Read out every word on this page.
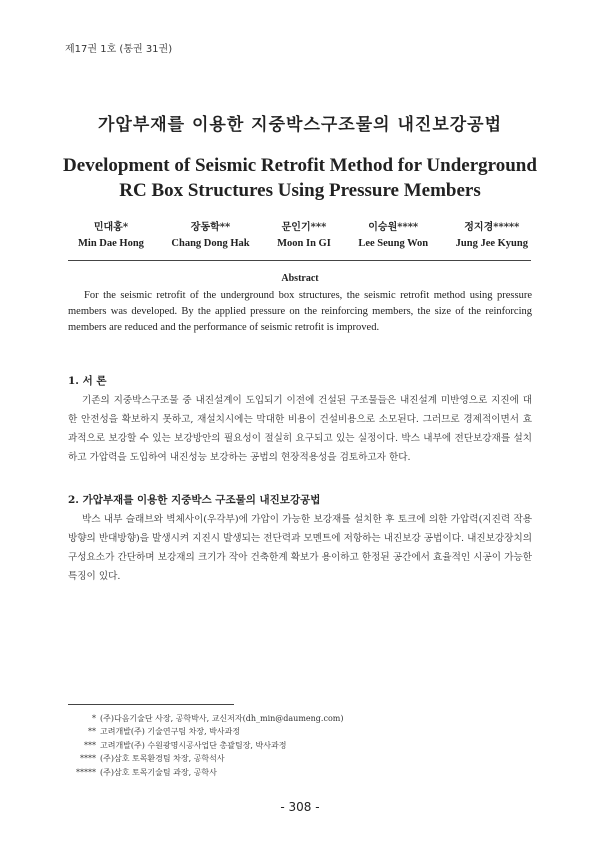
제17권 1호 (통권 31권)
가압부재를 이용한 지중박스구조물의 내진보강공법
Development of Seismic Retrofit Method for Underground
RC Box Structures Using Pressure Members
민대홍*
Min Dae Hong
장동학**
Chang Dong Hak
문인기***
Moon In GI
이승원****
Lee Seung Won
정지경*****
Jung Jee Kyung
Abstract
For the seismic retrofit of the underground box structures, the seismic retrofit method using pressure members was developed. By the applied pressure on the reinforcing members, the size of the reinforcing members are reduced and the performance of seismic retrofit is improved.
1. 서 론
기존의 지중박스구조물 중 내진설계이 도입되기 이전에 건설된 구조물들은 내진설계 미반영으로 지진에 대한 안전성을 확보하지 못하고, 재설치시에는 막대한 비용이 건설비용으로 소모된다. 그러므로 경제적이면서 효과적으로 보강할 수 있는 보강방안의 필요성이 절실히 요구되고 있는 실정이다. 박스 내부에 전단보강재를 설치하고 가압력을 도입하여 내진성능 보강하는 공법의 현장적용성을 검토하고자 한다.
2. 가압부재를 이용한 지중박스 구조물의 내진보강공법
박스 내부 슬래브와 벽체사이(우각부)에 가압이 가능한 보강재를 설치한 후 토크에 의한 가압력(지진력 작용방향의 반대방향)을 발생시켜 지진시 발생되는 전단력과 모멘트에 저항하는 내진보강 공법이다. 내진보강장치의 구성요소가 간단하며 보강재의 크기가 작아 건축한계 확보가 용이하고 한정된 공간에서 효율적인 시공이 가능한 특징이 있다.
* (주)다음기술단 사장, 공학박사, 교신저자(dh_min@daumeng.com)
** 고려개발(주) 기술연구팀 차장, 박사과정
*** 고려개발(주) 수원광명시공사업단 총괄팀장, 박사과정
**** (주)삼호 토목환경팀 차장, 공학석사
***** (주)삼호 토목기술팀 과장, 공학사
- 308 -
